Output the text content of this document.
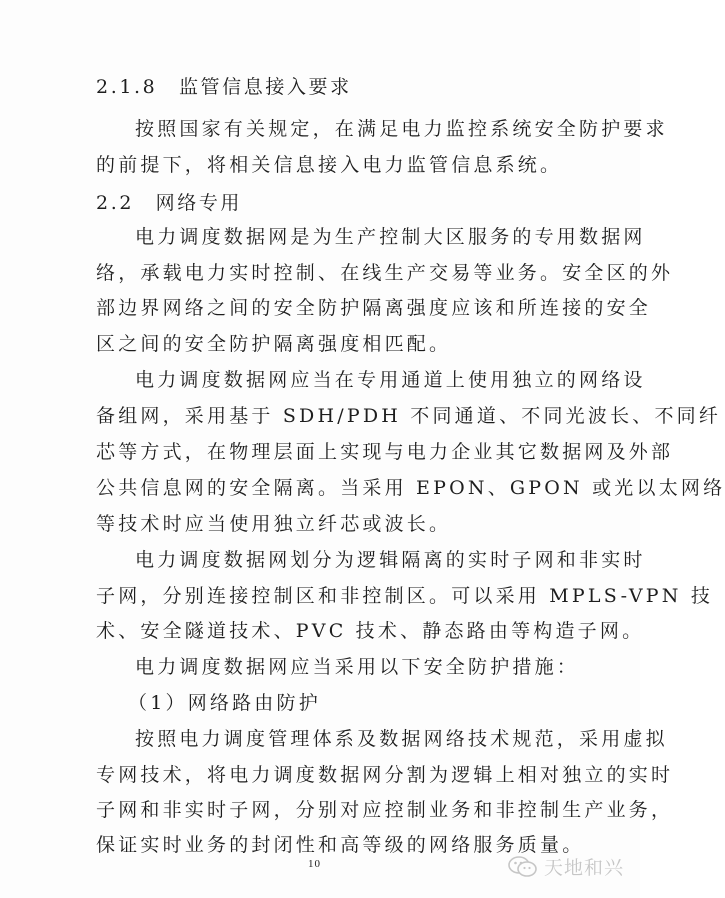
2.1.8　监管信息接入要求
按照国家有关规定，在满足电力监控系统安全防护要求
的前提下，将相关信息接入电力监管信息系统。
2.2　网络专用
电力调度数据网是为生产控制大区服务的专用数据网
络，承载电力实时控制、在线生产交易等业务。安全区的外
部边界网络之间的安全防护隔离强度应该和所连接的安全
区之间的安全防护隔离强度相匹配。
电力调度数据网应当在专用通道上使用独立的网络设
备组网，采用基于 SDH/PDH 不同通道、不同光波长、不同纤
芯等方式，在物理层面上实现与电力企业其它数据网及外部
公共信息网的安全隔离。当采用 EPON、GPON 或光以太网络
等技术时应当使用独立纤芯或波长。
电力调度数据网划分为逻辑隔离的实时子网和非实时
子网，分别连接控制区和非控制区。可以采用 MPLS-VPN 技
术、安全隧道技术、PVC 技术、静态路由等构造子网。
电力调度数据网应当采用以下安全防护措施：
（1）网络路由防护
按照电力调度管理体系及数据网络技术规范，采用虚拟
专网技术，将电力调度数据网分割为逻辑上相对独立的实时
子网和非实时子网，分别对应控制业务和非控制生产业务，
保证实时业务的封闭性和高等级的网络服务质量。
10	天地和兴
